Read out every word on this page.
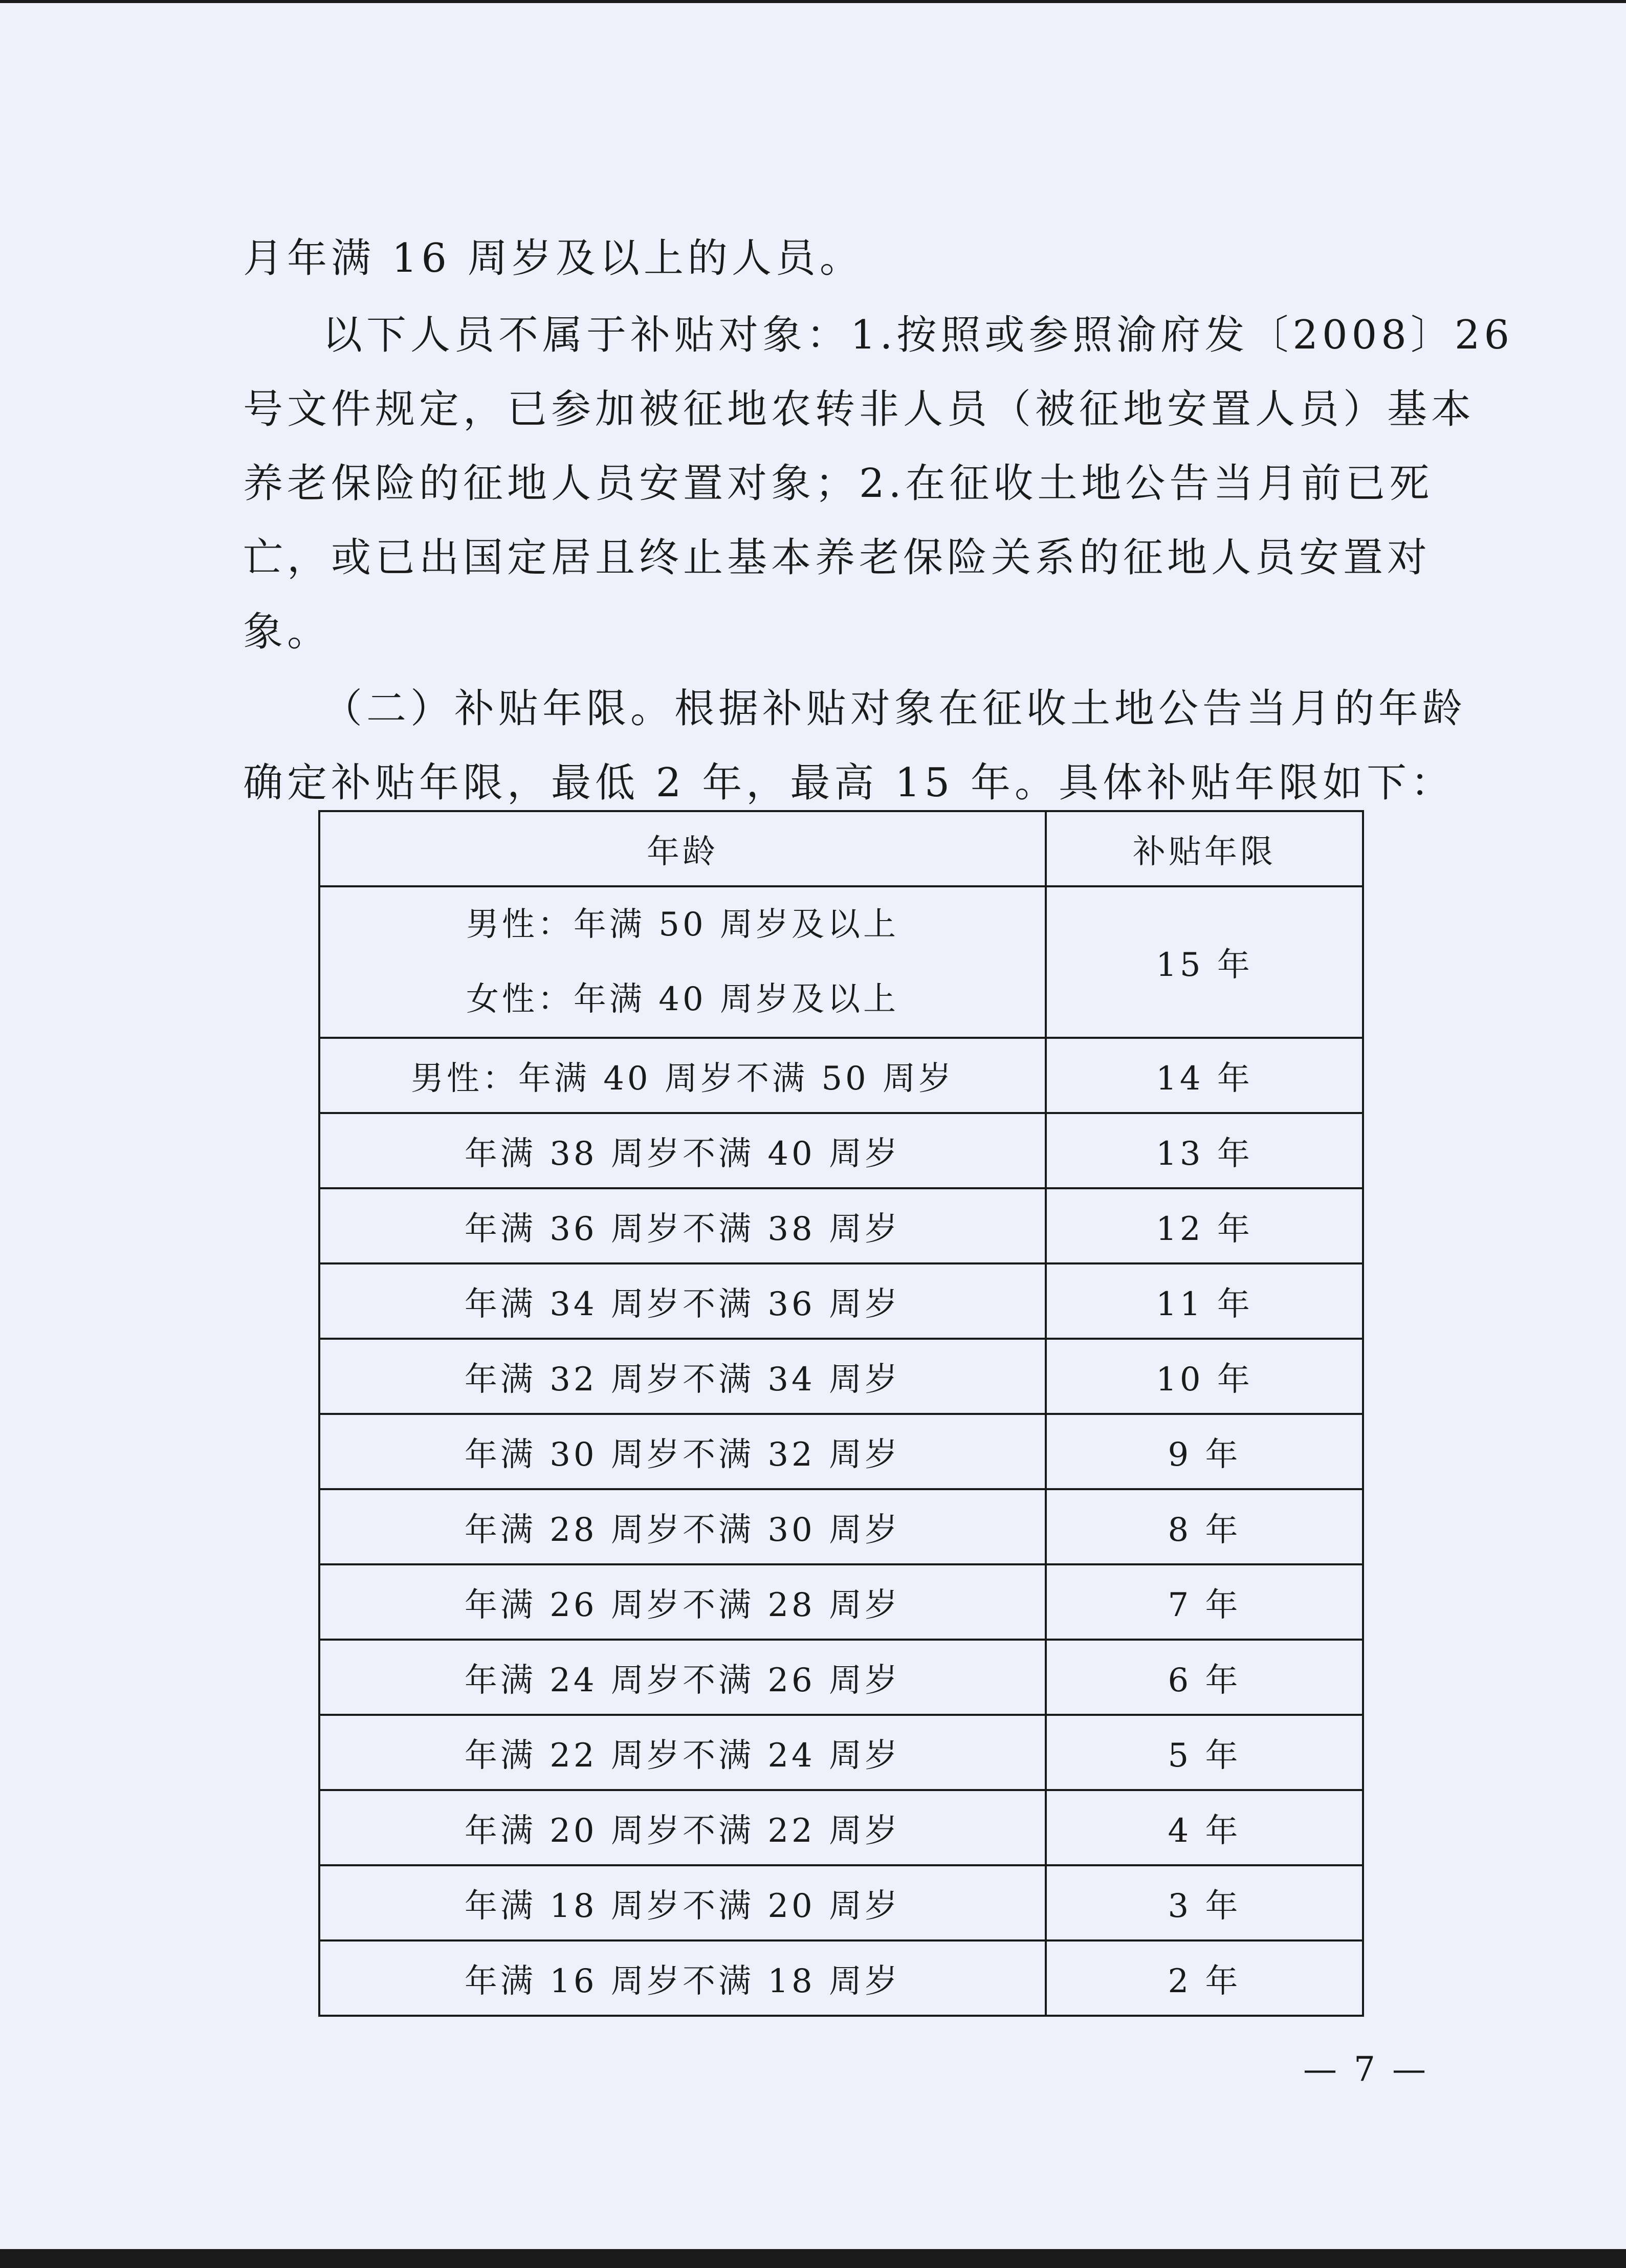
月年满 16 周岁及以上的人员。
以下人员不属于补贴对象：1.按照或参照渝府发〔2008〕26
号文件规定，已参加被征地农转非人员（被征地安置人员）基本
养老保险的征地人员安置对象；2.在征收土地公告当月前已死
亡，或已出国定居且终止基本养老保险关系的征地人员安置对
象。
（二）补贴年限。根据补贴对象在征收土地公告当月的年龄
确定补贴年限，最低 2 年，最高 15 年。具体补贴年限如下：
年龄	补贴年限

男性：年满 50 周岁及以上
女性：年满 40 周岁及以上	15 年
男性：年满 40 周岁不满 50 周岁	14 年
年满 38 周岁不满 40 周岁	13 年
年满 36 周岁不满 38 周岁	12 年
年满 34 周岁不满 36 周岁	11 年
年满 32 周岁不满 34 周岁	10 年
年满 30 周岁不满 32 周岁	9 年
年满 28 周岁不满 30 周岁	8 年
年满 26 周岁不满 28 周岁	7 年
年满 24 周岁不满 26 周岁	6 年
年满 22 周岁不满 24 周岁	5 年
年满 20 周岁不满 22 周岁	4 年
年满 18 周岁不满 20 周岁	3 年
年满 16 周岁不满 18 周岁	2 年
— 7 —
